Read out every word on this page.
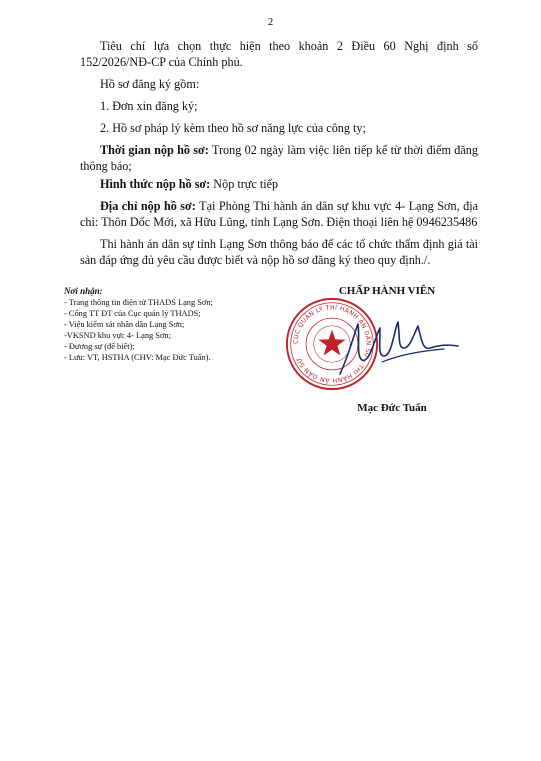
2

Tiêu chí lựa chọn thực hiện theo khoản 2 Điều 60 Nghị định số 152/2026/NĐ-CP của Chính phủ.

Hồ sơ đăng ký gồm:

1. Đơn xin đăng ký;

2. Hồ sơ pháp lý kèm theo hồ sơ năng lực của công ty;

Thời gian nộp hồ sơ: Trong 02 ngày làm việc liên tiếp kể từ thời điểm đăng thông báo;

Hình thức nộp hồ sơ: Nộp trực tiếp

Địa chỉ nộp hồ sơ: Tại Phòng Thi hành án dân sự khu vực 4- Lạng Sơn, địa chỉ: Thôn Dốc Mới, xã Hữu Lũng, tỉnh Lạng Sơn. Điện thoại liên hệ 0946235486

Thi hành án dân sự tỉnh Lạng Sơn thông báo để các tổ chức thẩm định giá tài sản đáp ứng đủ yêu cầu được biết và nộp hồ sơ đăng ký theo quy định./.

Nơi nhận:
- Trang thông tin điện tử THADS Lạng Sơn;
- Cổng TT ĐT của Cục quản lý THADS;
- Viện kiểm sát nhân dân Lạng Sơn;
-VKSND khu vực 4- Lạng Sơn;
- Đương sự (để biết);
- Lưu: VT, HSTHA (CHV: Mạc Đức Tuấn).
CHẤP HÀNH VIÊN
CỤC QUẢN LÝ THI HÀNH ÁN DÂN SỰ · THI HÀNH ÁN DÂN SỰ
Mạc Đức Tuấn
